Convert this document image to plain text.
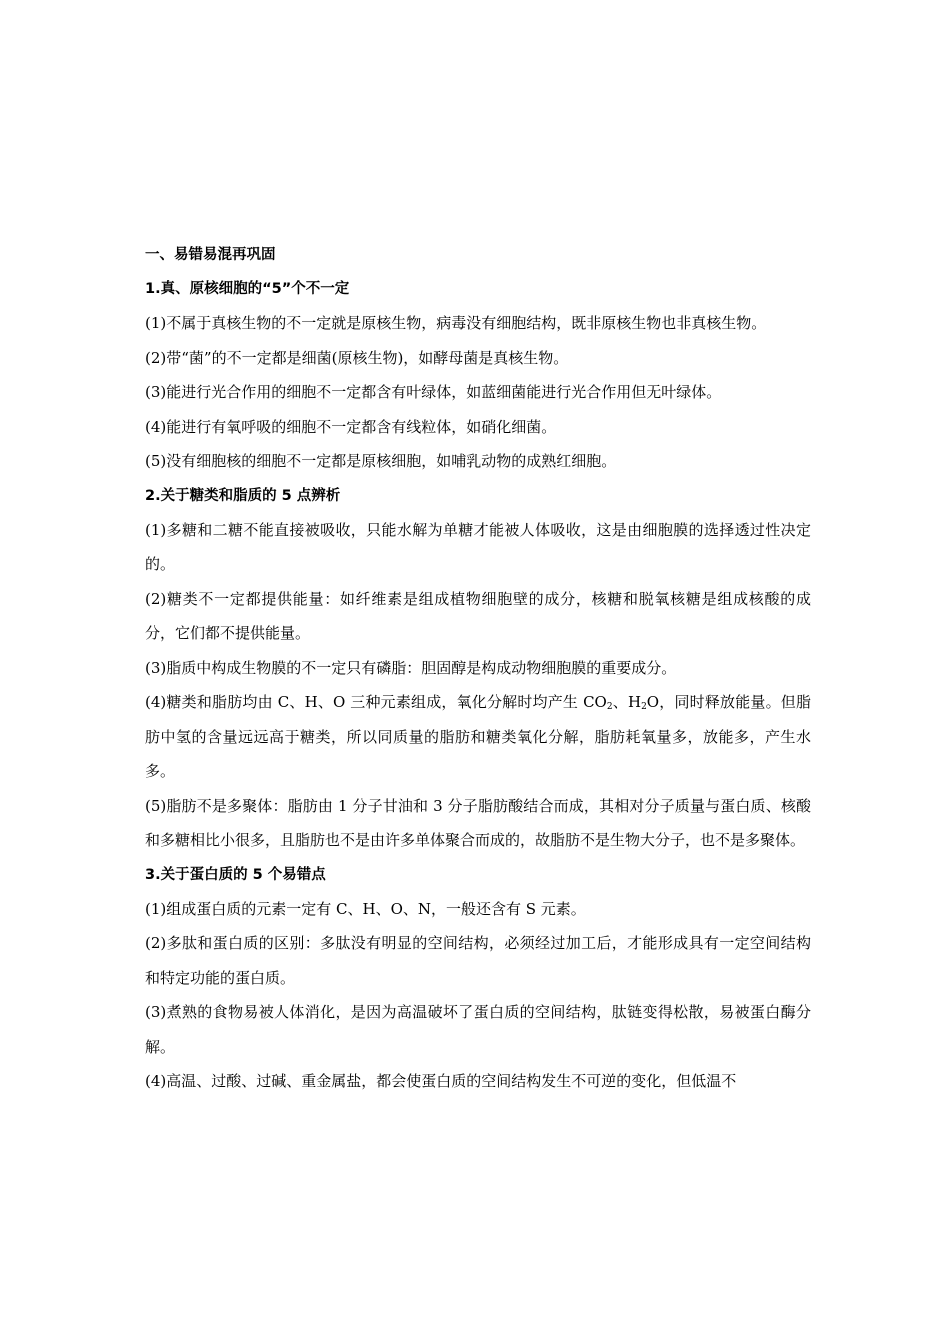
一、易错易混再巩固

1.真、原核细胞的“5”个不一定

(1)不属于真核生物的不一定就是原核生物，病毒没有细胞结构，既非原核生物也非真核生物。

(2)带“菌”的不一定都是细菌(原核生物)，如酵母菌是真核生物。

(3)能进行光合作用的细胞不一定都含有叶绿体，如蓝细菌能进行光合作用但无叶绿体。

(4)能进行有氧呼吸的细胞不一定都含有线粒体，如硝化细菌。

(5)没有细胞核的细胞不一定都是原核细胞，如哺乳动物的成熟红细胞。

2.关于糖类和脂质的 5 点辨析

(1)多糖和二糖不能直接被吸收，只能水解为单糖才能被人体吸收，这是由细胞膜的选择透过性决定的。

(2)糖类不一定都提供能量：如纤维素是组成植物细胞壁的成分，核糖和脱氧核糖是组成核酸的成分，它们都不提供能量。

(3)脂质中构成生物膜的不一定只有磷脂：胆固醇是构成动物细胞膜的重要成分。

(4)糖类和脂肪均由 C、H、O 三种元素组成，氧化分解时均产生 $CO_2$、$H_2O$，同时释放能量。但脂肪中氢的含量远远高于糖类，所以同质量的脂肪和糖类氧化分解，脂肪耗氧量多，放能多，产生水多。

(5)脂肪不是多聚体：脂肪由 1 分子甘油和 3 分子脂肪酸结合而成，其相对分子质量与蛋白质、核酸和多糖相比小很多，且脂肪也不是由许多单体聚合而成的，故脂肪不是生物大分子，也不是多聚体。

3.关于蛋白质的 5 个易错点

(1)组成蛋白质的元素一定有 C、H、O、N，一般还含有 S 元素。

(2)多肽和蛋白质的区别：多肽没有明显的空间结构，必须经过加工后，才能形成具有一定空间结构和特定功能的蛋白质。

(3)煮熟的食物易被人体消化，是因为高温破坏了蛋白质的空间结构，肽链变得松散，易被蛋白酶分解。

(4)高温、过酸、过碱、重金属盐，都会使蛋白质的空间结构发生不可逆的变化，但低温不
